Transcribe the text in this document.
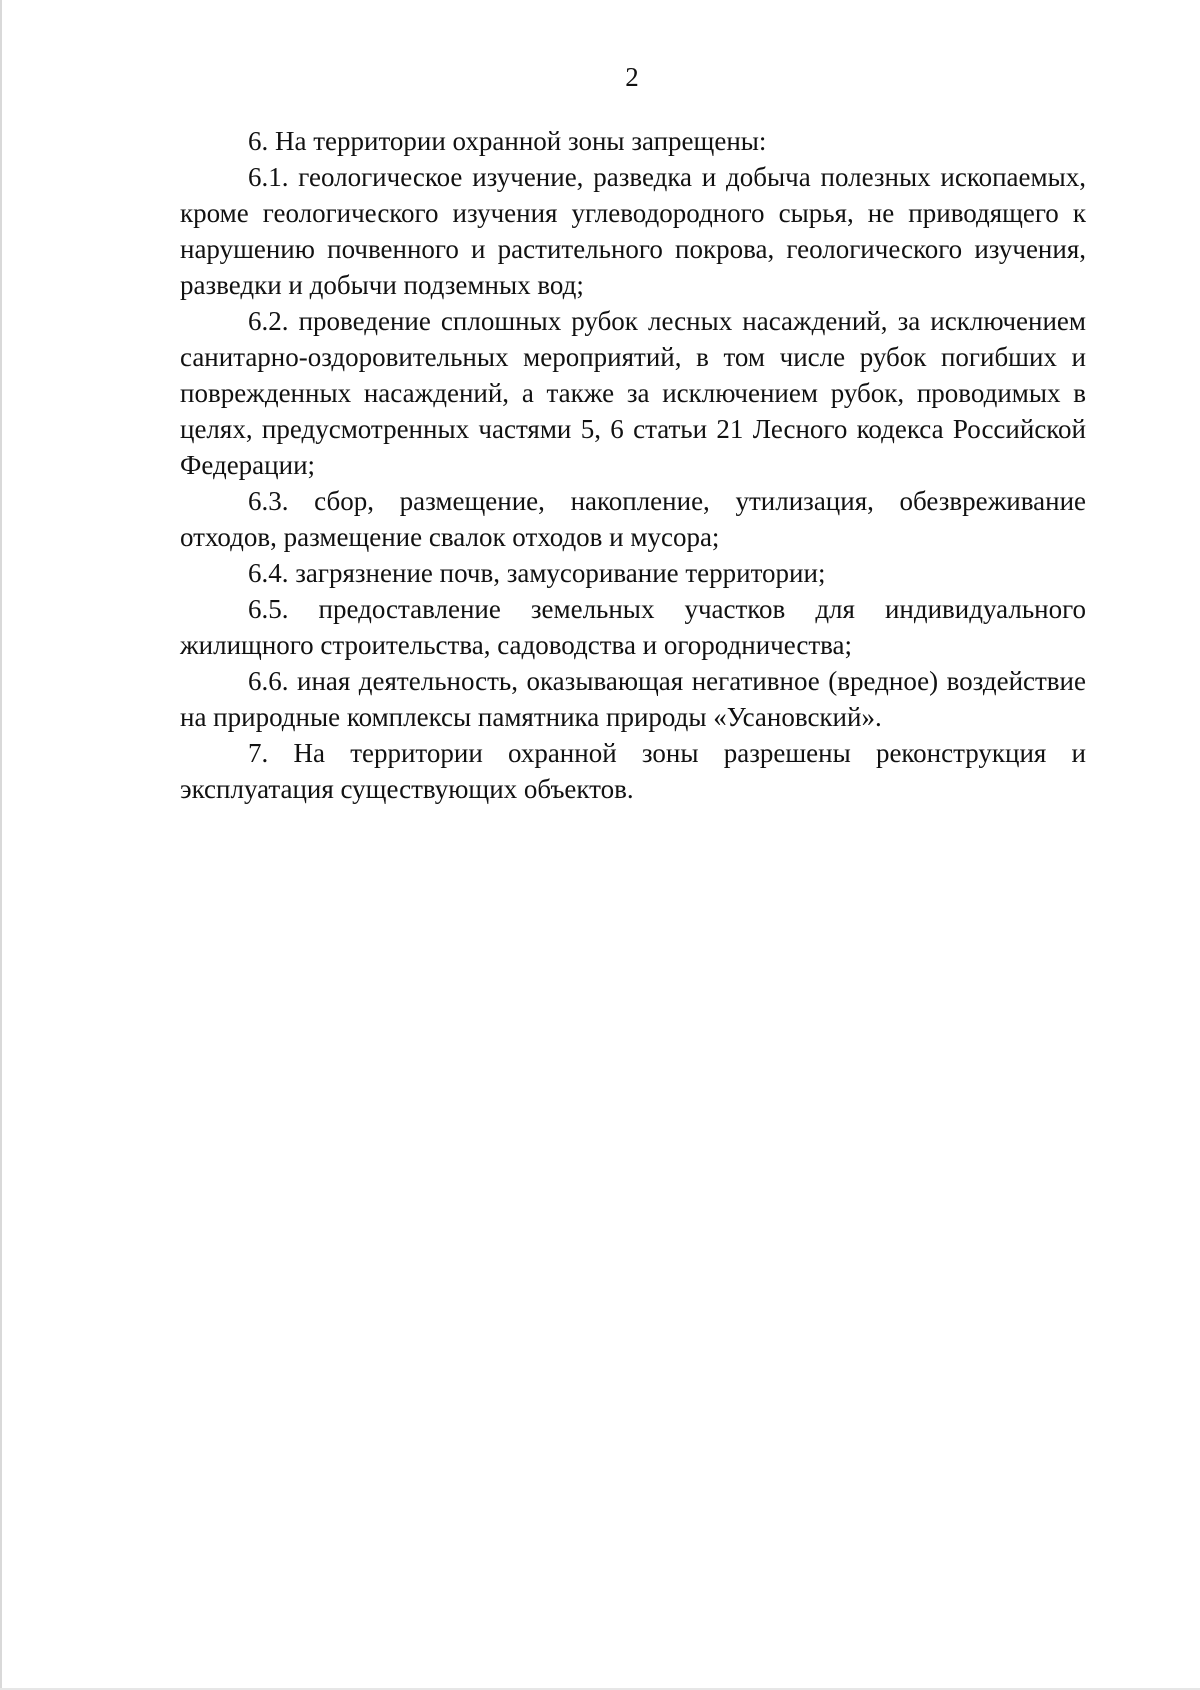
2

6. На территории охранной зоны запрещены:

6.1. геологическое изучение, разведка и добыча полезных ископаемых, кроме геологического изучения углеводородного сырья, не приводящего к нарушению почвенного и растительного покрова, геологического изучения, разведки и добычи подземных вод;

6.2. проведение сплошных рубок лесных насаждений, за исключением санитарно-оздоровительных мероприятий, в том числе рубок погибших и поврежденных насаждений, а также за исключением рубок, проводимых в целях, предусмотренных частями 5, 6 статьи 21 Лесного кодекса Российской Федерации;

6.3. сбор, размещение, накопление, утилизация, обезвреживание отходов, размещение свалок отходов и мусора;

6.4. загрязнение почв, замусоривание территории;

6.5. предоставление земельных участков для индивидуального жилищного строительства, садоводства и огородничества;

6.6. иная деятельность, оказывающая негативное (вредное) воздействие на природные комплексы памятника природы «Усановский».

7. На территории охранной зоны разрешены реконструкция и эксплуатация существующих объектов.
